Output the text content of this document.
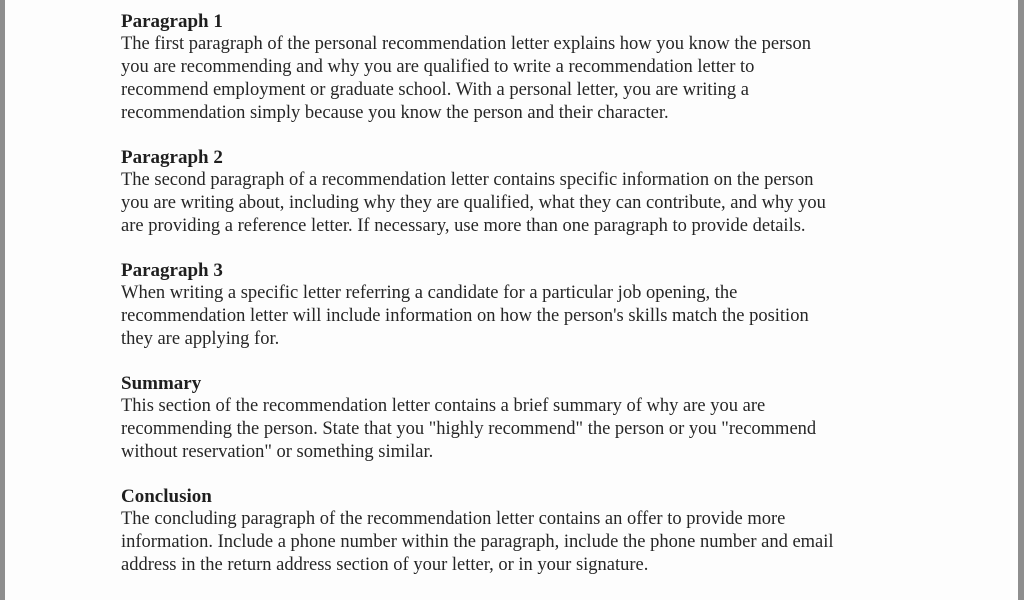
Paragraph 1

The first paragraph of the personal recommendation letter explains how you know the person
you are recommending and why you are qualified to write a recommendation letter to
recommend employment or graduate school. With a personal letter, you are writing a
recommendation simply because you know the person and their character.

Paragraph 2

The second paragraph of a recommendation letter contains specific information on the person
you are writing about, including why they are qualified, what they can contribute, and why you
are providing a reference letter. If necessary, use more than one paragraph to provide details.

Paragraph 3

When writing a specific letter referring a candidate for a particular job opening, the
recommendation letter will include information on how the person's skills match the position
they are applying for.

Summary

This section of the recommendation letter contains a brief summary of why are you are
recommending the person. State that you "highly recommend" the person or you "recommend
without reservation" or something similar.

Conclusion

The concluding paragraph of the recommendation letter contains an offer to provide more
information. Include a phone number within the paragraph, include the phone number and email
address in the return address section of your letter, or in your signature.
